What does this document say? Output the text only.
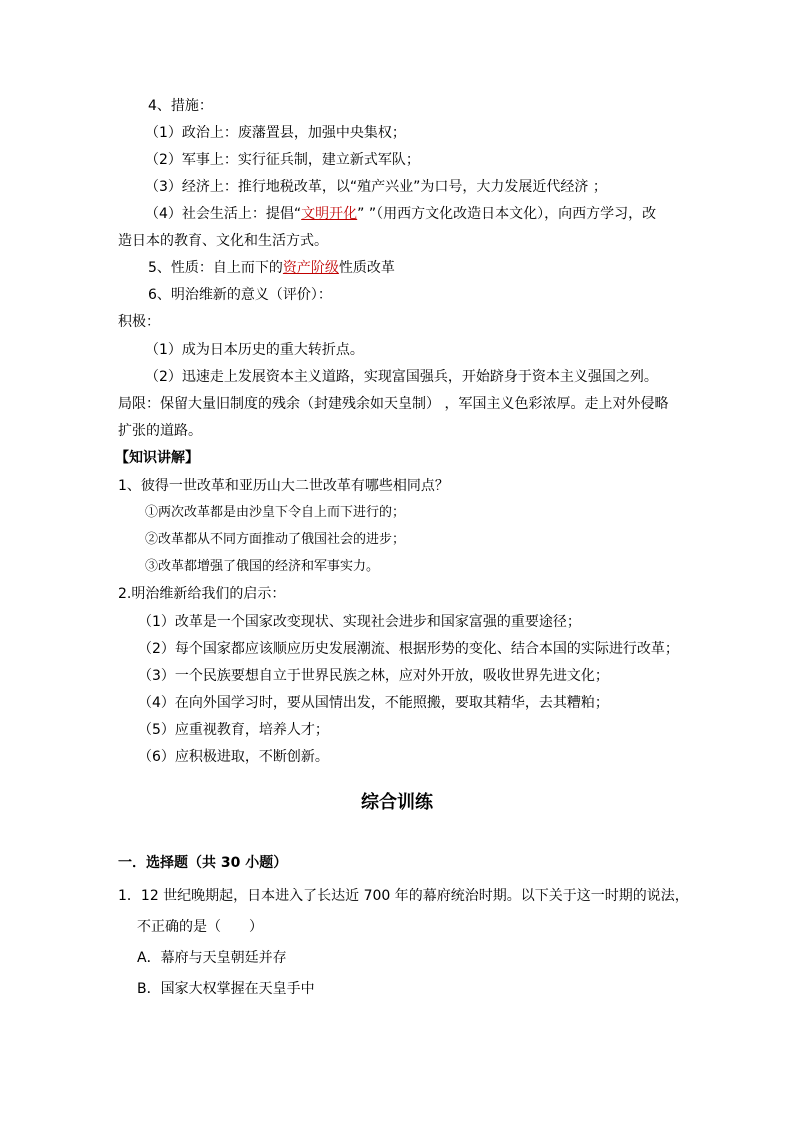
4、措施：
（1）政治上：废藩置县，加强中央集权；
（2）军事上：实行征兵制，建立新式军队；
（3）经济上：推行地税改革，以“殖产兴业”为口号，大力发展近代经济 ；
（4）社会生活上：提倡“文明开化” ”（用西方文化改造日本文化），向西方学习，改
造日本的教育、文化和生活方式。
5、性质：自上而下的资产阶级性质改革
6、明治维新的意义（评价）：
积极：
（1）成为日本历史的重大转折点。
（2）迅速走上发展资本主义道路，实现富国强兵，开始跻身于资本主义强国之列。
局限：保留大量旧制度的残余（封建残余如天皇制） ，军国主义色彩浓厚。走上对外侵略
扩张的道路。
【知识讲解】
1、彼得一世改革和亚历山大二世改革有哪些相同点？
①两次改革都是由沙皇下令自上而下进行的；
②改革都从不同方面推动了俄国社会的进步；
③改革都增强了俄国的经济和军事实力。
2.明治维新给我们的启示：
（1）改革是一个国家改变现状、实现社会进步和国家富强的重要途径；
（2）每个国家都应该顺应历史发展潮流、根据形势的变化、结合本国的实际进行改革；
（3）一个民族要想自立于世界民族之林，应对外开放，吸收世界先进文化；
（4）在向外国学习时，要从国情出发，不能照搬，要取其精华，去其糟粕；
（5）应重视教育，培养人才；
（6）应积极进取，不断创新。
综合训练
一．选择题（共 30 小题）
1．12 世纪晚期起，日本进入了长达近 700 年的幕府统治时期。以下关于这一时期的说法，
不正确的是（　　）
A．幕府与天皇朝廷并存
B．国家大权掌握在天皇手中
